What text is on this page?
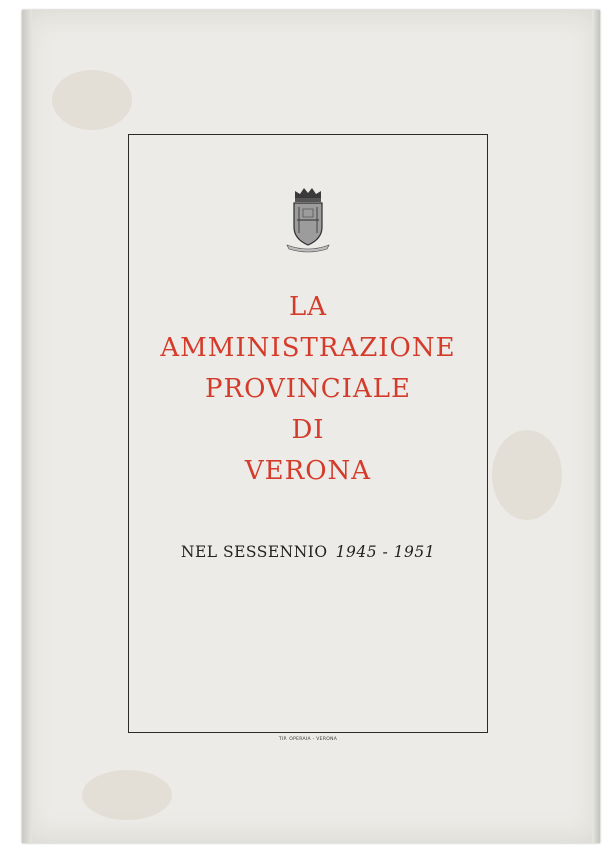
LA
AMMINISTRAZIONE
PROVINCIALE
DI
VERONA
NEL SESSENNIO 1945 - 1951
TIP. OPERAIA - VERONA
